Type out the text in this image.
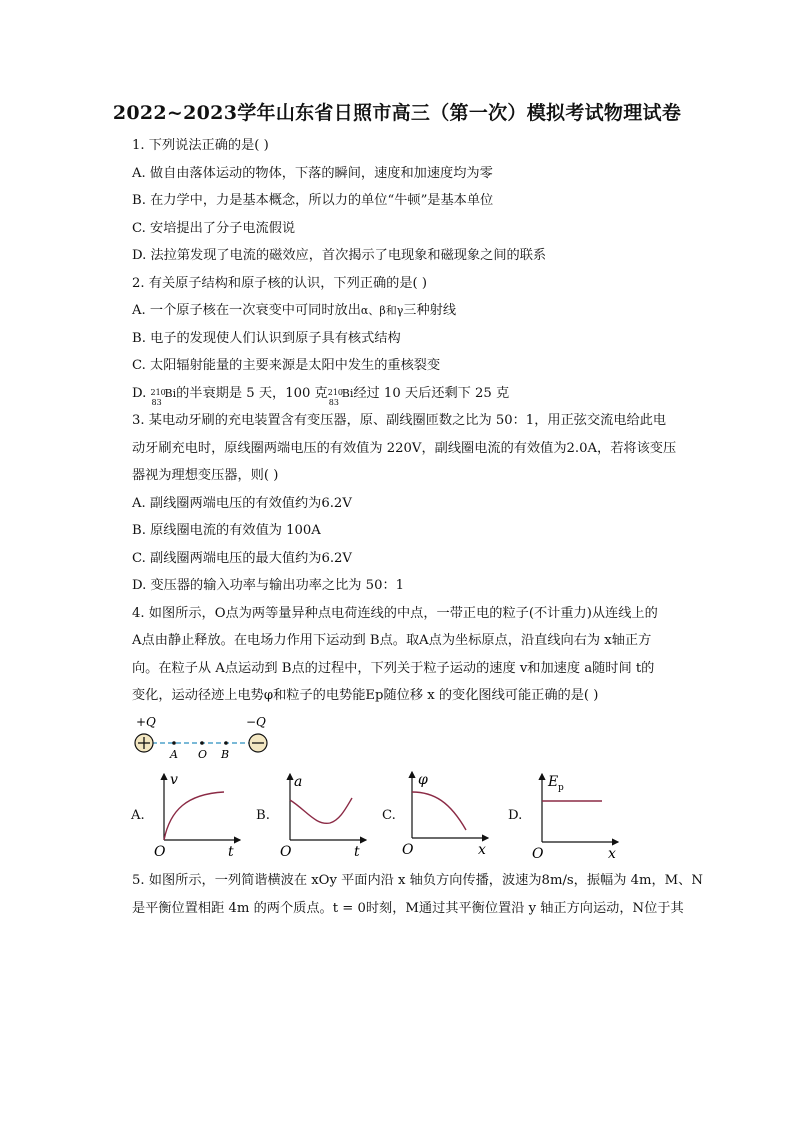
2022~2023学年山东省日照市高三（第一次）模拟考试物理试卷
1. 下列说法正确的是( )
A. 做自由落体运动的物体，下落的瞬间，速度和加速度均为零
B. 在力学中，力是基本概念，所以力的单位“牛顿”是基本单位
C. 安培提出了分子电流假说
D. 法拉第发现了电流的磁效应，首次揭示了电现象和磁现象之间的联系
2. 有关原子结构和原子核的认识，下列正确的是( )
A. 一个原子核在一次衰变中可同时放出α、β和γ三种射线
B. 电子的发现使人们认识到原子具有核式结构
C. 太阳辐射能量的主要来源是太阳中发生的重核裂变
D. 210
83
Bi的半衰期是 5 天，100 克 210
83
Bi经过 10 天后还剩下 25 克
3. 某电动牙刷的充电装置含有变压器，原、副线圈匝数之比为 50：1，用正弦交流电给此电
动牙刷充电时，原线圈两端电压的有效值为 220V，副线圈电流的有效值为2.0A，若将该变压
器视为理想变压器，则( )
A. 副线圈两端电压的有效值约为6.2V
B. 原线圈电流的有效值为 100A
C. 副线圈两端电压的最大值约为6.2V
D. 变压器的输入功率与输出功率之比为 50：1
4. 如图所示，O点为两等量异种点电荷连线的中点，一带正电的粒子(不计重力)从连线上的
A点由静止释放。在电场力作用下运动到 B点。取A点为坐标原点，沿直线向右为 x轴正方
向。在粒子从 A点运动到 B点的过程中，下列关于粒子运动的速度 v和加速度 a随时间 t的
变化，运动径迹上电势φ和粒子的电势能Ep随位移 x 的变化图线可能正确的是( )
+Q	−Q
A O B
A.
v
t
O
B.
a
t
O
C.
φ
x
O
D.
E p
x
O
5. 如图所示，一列简谐横波在 xOy 平面内沿 x 轴负方向传播，波速为8m/s，振幅为 4m，M、N
是平衡位置相距 4m 的两个质点。t = 0时刻，M通过其平衡位置沿 y 轴正方向运动，N位于其
